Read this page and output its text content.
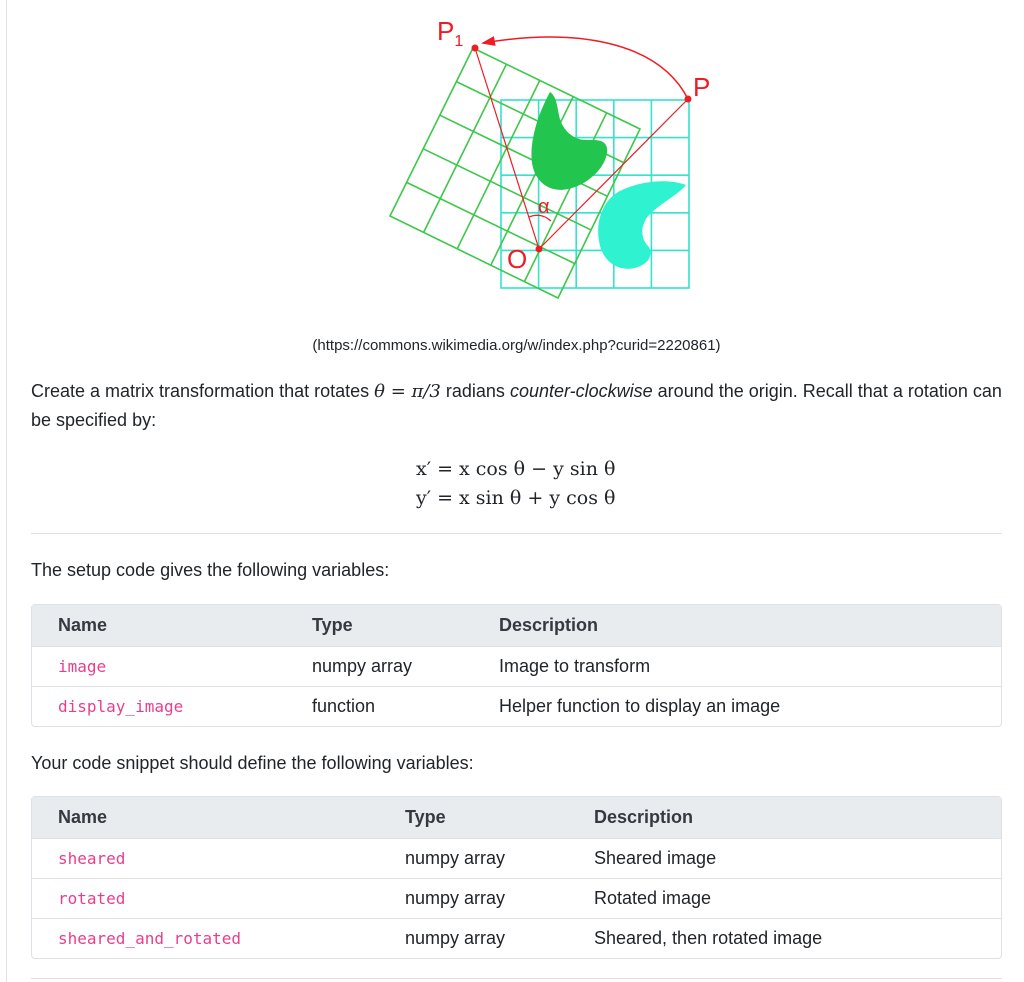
$P_1$
P
O
α
(https://commons.wikimedia.org/w/index.php?curid=2220861)
Create a matrix transformation that rotates θ = π/3 radians counter-clockwise around the origin. Recall that a rotation can be specified by:
x′ = x cos θ − y sin θ
y′ = x sin θ + y cos θ
The setup code gives the following variables:
Name	Type	Description
image	numpy array	Image to transform
display_image	function	Helper function to display an image
Your code snippet should define the following variables:
Name	Type	Description
sheared	numpy array	Sheared image
rotated	numpy array	Rotated image
sheared_and_rotated	numpy array	Sheared, then rotated image
